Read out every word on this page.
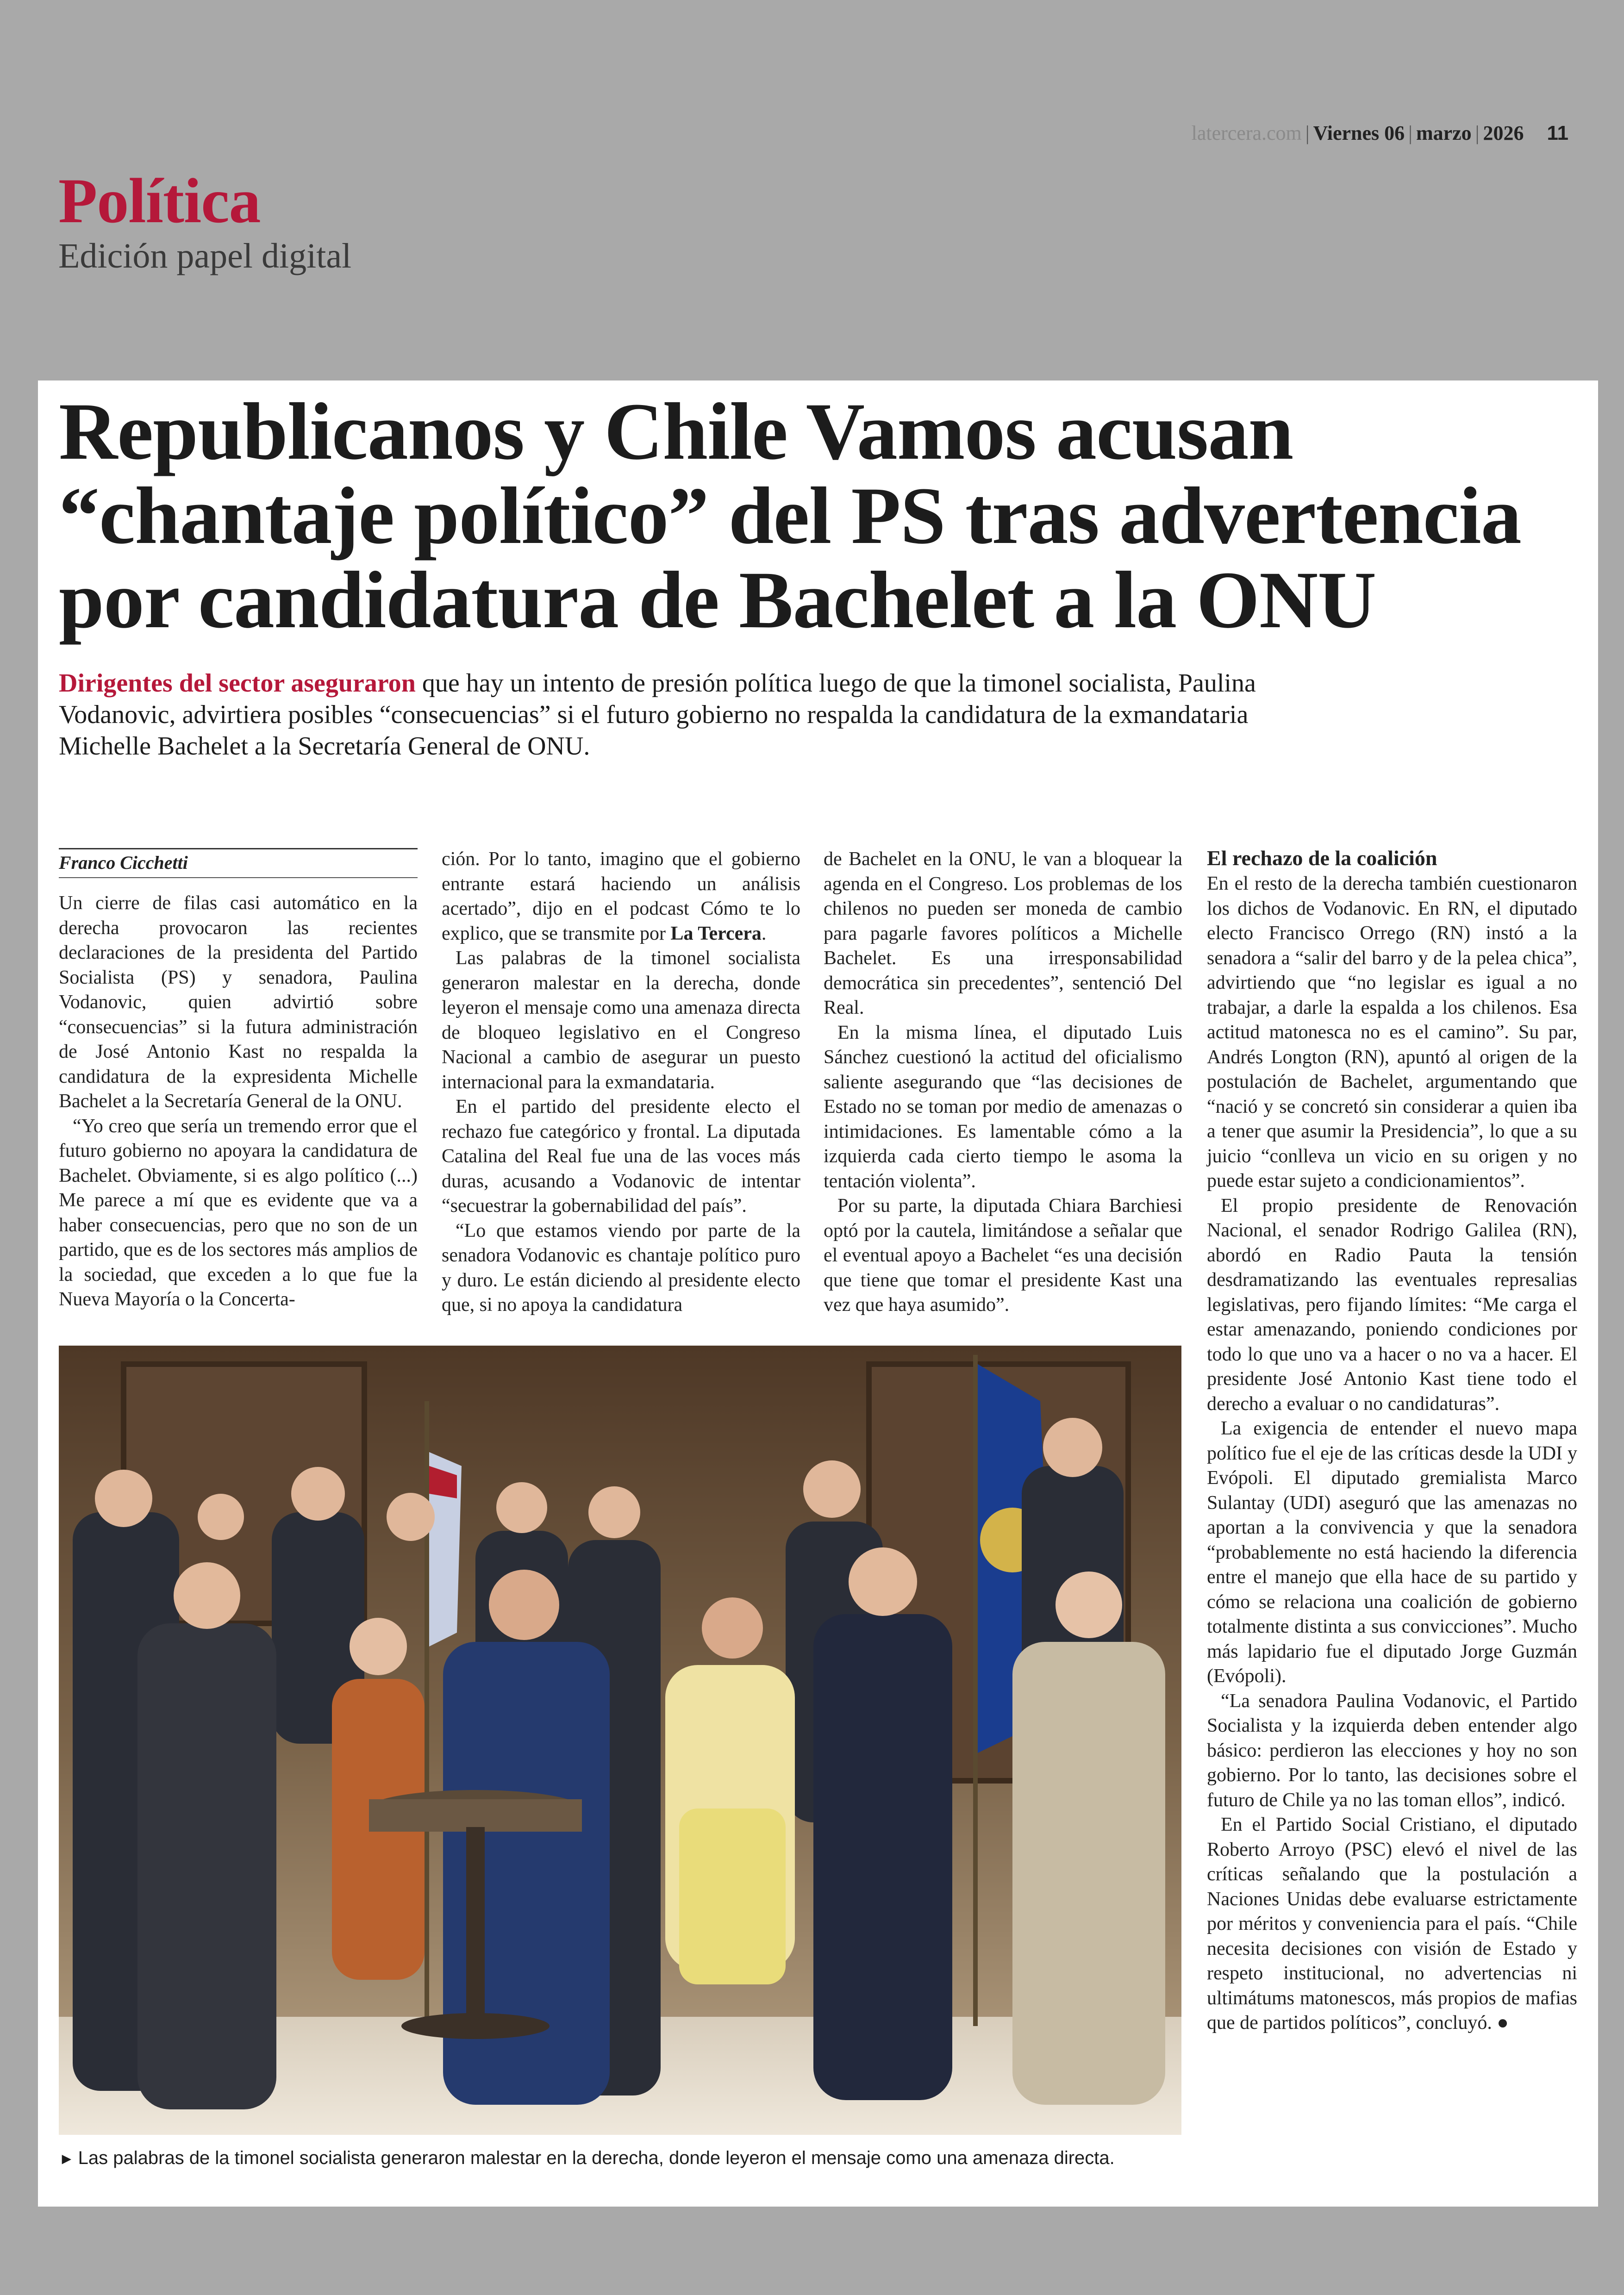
latercera.com | Viernes 06 | marzo | 2026 11
Política
Edición papel digital
Republicanos y Chile Vamos acusan “chantaje político” del PS tras advertencia por candidatura de Bachelet a la ONU
Dirigentes del sector aseguraron que hay un intento de presión política luego de que la timonel socialista, Paulina Vodanovic, advirtiera posibles “consecuencias” si el futuro gobierno no respalda la candidatura de la exmandataria Michelle Bachelet a la Secretaría General de ONU.
Franco Cicchetti

Un cierre de filas casi automático en la derecha provocaron las recientes declaraciones de la presidenta del Partido Socialista (PS) y senadora, Paulina Vodanovic, quien advirtió sobre “consecuencias” si la futura administración de José Antonio Kast no respalda la candidatura de la expresidenta Michelle Bachelet a la Secretaría General de la ONU.

“Yo creo que sería un tremendo error que el futuro gobierno no apoyara la candidatura de Bachelet. Obviamente, si es algo político (...) Me parece a mí que es evidente que va a haber consecuencias, pero que no son de un partido, que es de los sectores más amplios de la sociedad, que exceden a lo que fue la Nueva Mayoría o la Concerta-

ción. Por lo tanto, imagino que el gobierno entrante estará haciendo un análisis acertado”, dijo en el podcast Cómo te lo explico, que se transmite por La Tercera.

Las palabras de la timonel socialista generaron malestar en la derecha, donde leyeron el mensaje como una amenaza directa de bloqueo legislativo en el Congreso Nacional a cambio de asegurar un puesto internacional para la exmandataria.

En el partido del presidente electo el rechazo fue categórico y frontal. La diputada Catalina del Real fue una de las voces más duras, acusando a Vodanovic de intentar “secuestrar la gobernabilidad del país”.

“Lo que estamos viendo por parte de la senadora Vodanovic es chantaje político puro y duro. Le están diciendo al presidente electo que, si no apoya la candidatura

de Bachelet en la ONU, le van a bloquear la agenda en el Congreso. Los problemas de los chilenos no pueden ser moneda de cambio para pagarle favores políticos a Michelle Bachelet. Es una irresponsabilidad democrática sin precedentes”, sentenció Del Real.

En la misma línea, el diputado Luis Sánchez cuestionó la actitud del oficialismo saliente asegurando que “las decisiones de Estado no se toman por medio de amenazas o intimidaciones. Es lamentable cómo a la izquierda cada cierto tiempo le asoma la tentación violenta”.

Por su parte, la diputada Chiara Barchiesi optó por la cautela, limitándose a señalar que el eventual apoyo a Bachelet “es una decisión que tiene que tomar el presidente Kast una vez que haya asumido”.

El rechazo de la coalición

En el resto de la derecha también cuestionaron los dichos de Vodanovic. En RN, el diputado electo Francisco Orrego (RN) instó a la senadora a “salir del barro y de la pelea chica”, advirtiendo que “no legislar es igual a no trabajar, a darle la espalda a los chilenos. Esa actitud matonesca no es el camino”. Su par, Andrés Longton (RN), apuntó al origen de la postulación de Bachelet, argumentando que “nació y se concretó sin considerar a quien iba a tener que asumir la Presidencia”, lo que a su juicio “conlleva un vicio en su origen y no puede estar sujeto a condicionamientos”.

El propio presidente de Renovación Nacional, el senador Rodrigo Galilea (RN), abordó en Radio Pauta la tensión desdramatizando las eventuales represalias legislativas, pero fijando límites: “Me carga el estar amenazando, poniendo condiciones por todo lo que uno va a hacer o no va a hacer. El presidente José Antonio Kast tiene todo el derecho a evaluar o no candidaturas”.

La exigencia de entender el nuevo mapa político fue el eje de las críticas desde la UDI y Evópoli. El diputado gremialista Marco Sulantay (UDI) aseguró que las amenazas no aportan a la convivencia y que la senadora “probablemente no está haciendo la diferencia entre el manejo que ella hace de su partido y cómo se relaciona una coalición de gobierno totalmente distinta a sus convicciones”. Mucho más lapidario fue el diputado Jorge Guzmán (Evópoli).

“La senadora Paulina Vodanovic, el Partido Socialista y la izquierda deben entender algo básico: perdieron las elecciones y hoy no son gobierno. Por lo tanto, las decisiones sobre el futuro de Chile ya no las toman ellos”, indicó.

En el Partido Social Cristiano, el diputado Roberto Arroyo (PSC) elevó el nivel de las críticas señalando que la postulación a Naciones Unidas debe evaluarse estrictamente por méritos y conveniencia para el país. “Chile necesita decisiones con visión de Estado y respeto institucional, no advertencias ni ultimátums matonescos, más propios de mafias que de partidos políticos”, concluyó. ●

► Las palabras de la timonel socialista generaron malestar en la derecha, donde leyeron el mensaje como una amenaza directa.
